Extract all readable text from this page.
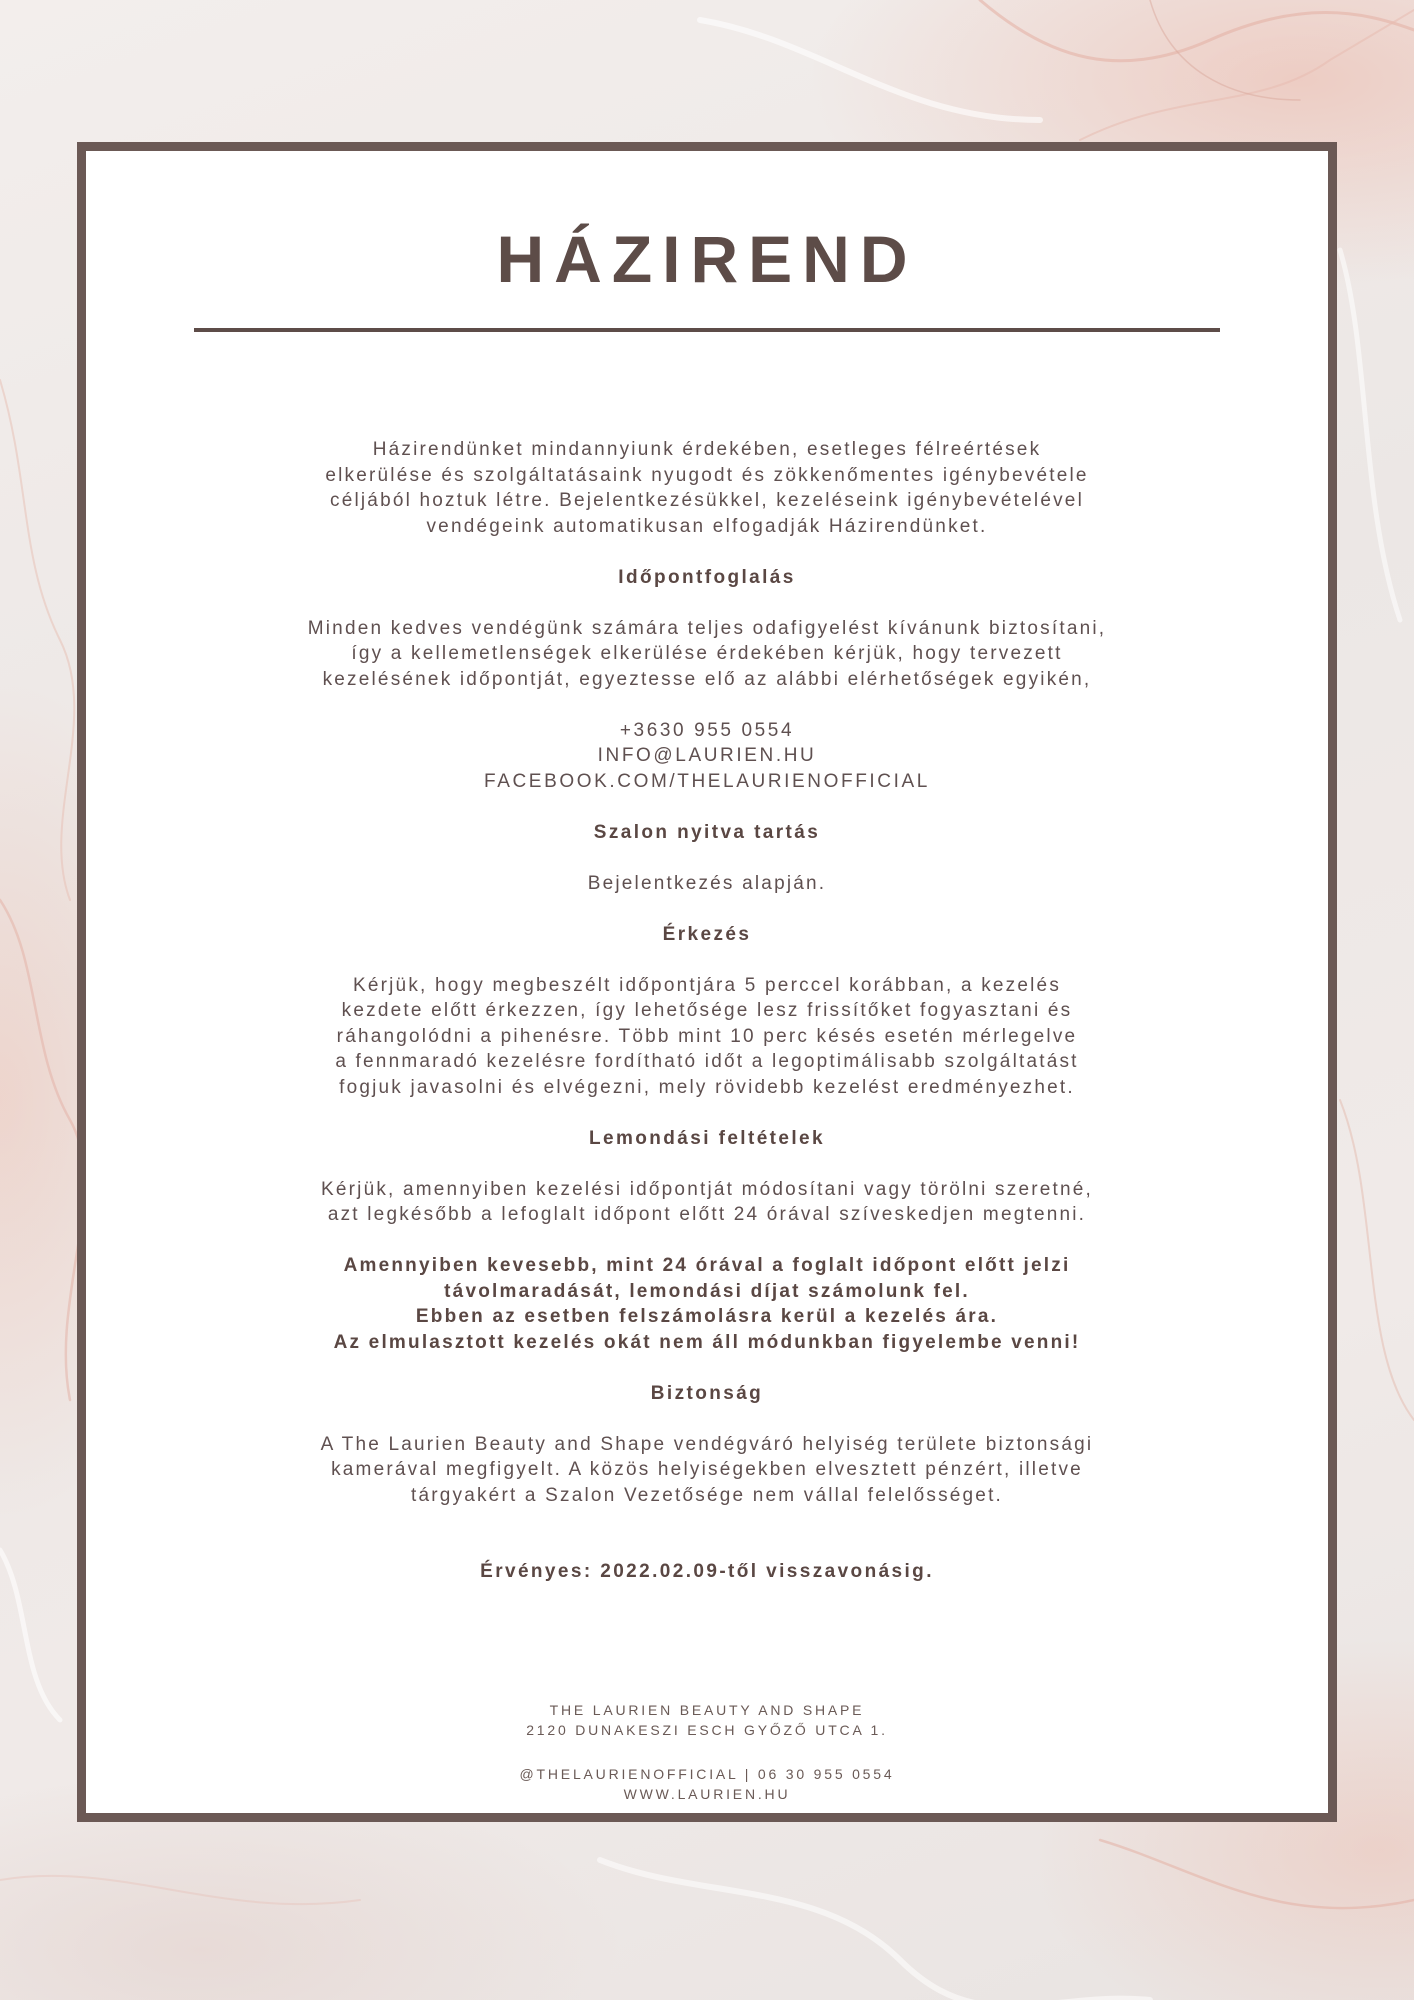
HÁZIREND

Házirendünket mindannyiunk érdekében, esetleges félreértések

elkerülése és szolgáltatásaink nyugodt és zökkenőmentes igénybevétele

céljából hoztuk létre. Bejelentkezésükkel, kezeléseink igénybevételével

vendégeink automatikusan elfogadják Házirendünket.

Időpontfoglalás

Minden kedves vendégünk számára teljes odafigyelést kívánunk biztosítani,

így a kellemetlenségek elkerülése érdekében kérjük, hogy tervezett

kezelésének időpontját, egyeztesse elő az alábbi elérhetőségek egyikén,

+3630 955 0554

INFO@LAURIEN.HU

FACEBOOK.COM/THELAURIENOFFICIAL

Szalon nyitva tartás

Bejelentkezés alapján.

Érkezés

Kérjük, hogy megbeszélt időpontjára 5 perccel korábban, a kezelés

kezdete előtt érkezzen, így lehetősége lesz frissítőket fogyasztani és

ráhangolódni a pihenésre. Több mint 10 perc késés esetén mérlegelve

a fennmaradó kezelésre fordítható időt a legoptimálisabb szolgáltatást

fogjuk javasolni és elvégezni, mely rövidebb kezelést eredményezhet.

Lemondási feltételek

Kérjük, amennyiben kezelési időpontját módosítani vagy törölni szeretné,

azt legkésőbb a lefoglalt időpont előtt 24 órával szíveskedjen megtenni.

Amennyiben kevesebb, mint 24 órával a foglalt időpont előtt jelzi

távolmaradását, lemondási díjat számolunk fel.

Ebben az esetben felszámolásra kerül a kezelés ára.

Az elmulasztott kezelés okát nem áll módunkban figyelembe venni!

Biztonság

A The Laurien Beauty and Shape vendégváró helyiség területe biztonsági

kamerával megfigyelt. A közös helyiségekben elvesztett pénzért, illetve

tárgyakért a Szalon Vezetősége nem vállal felelősséget.

Érvényes: 2022.02.09-től visszavonásig.

THE LAURIEN BEAUTY AND SHAPE

2120 DUNAKESZI ESCH GYŐZŐ UTCA 1.

@THELAURIENOFFICIAL | 06 30 955 0554

WWW.LAURIEN.HU
